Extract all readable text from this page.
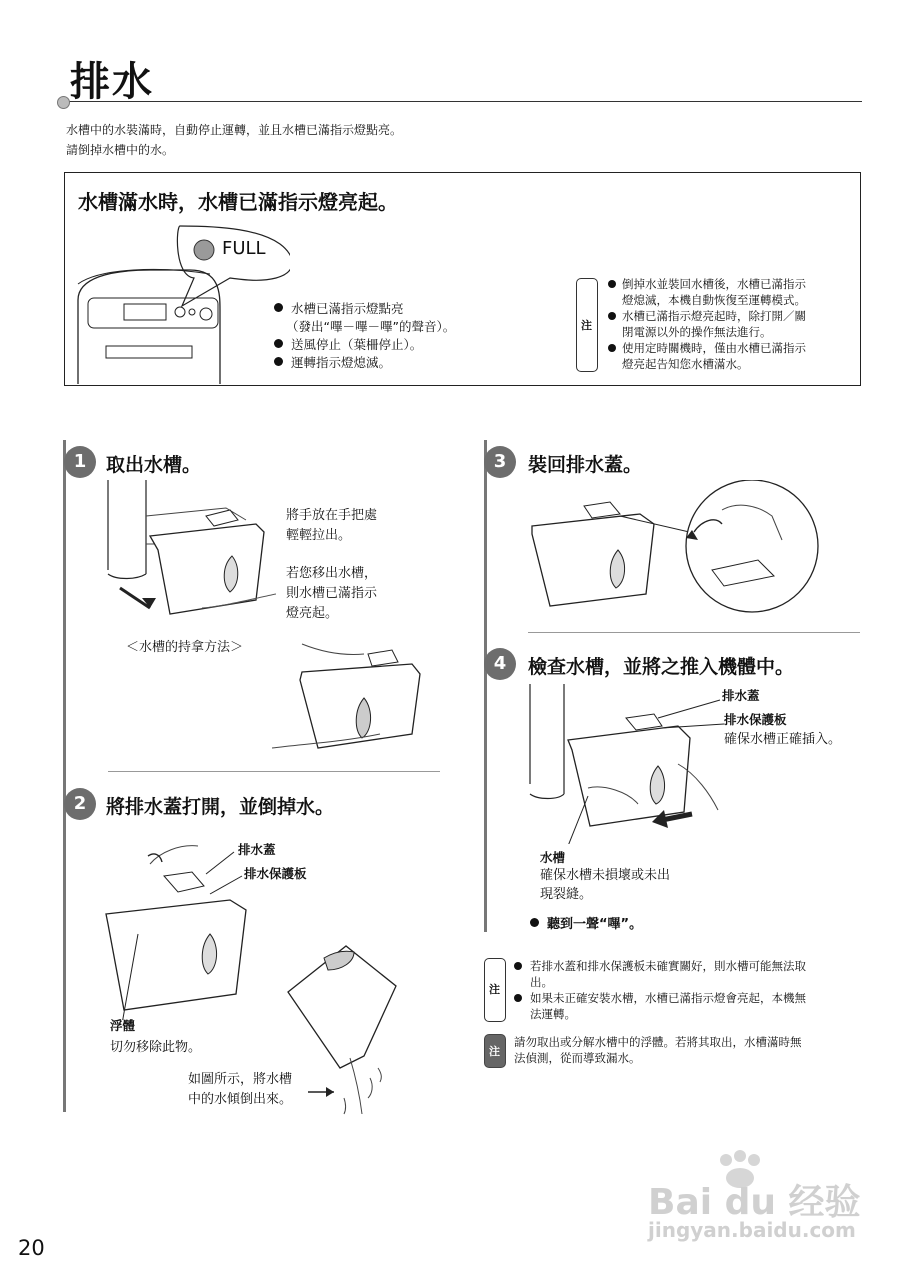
排水
水槽中的水裝滿時，自動停止運轉，並且水槽已滿指示燈點亮。
請倒掉水槽中的水。
水槽滿水時，水槽已滿指示燈亮起。
FULL
水槽已滿指示燈點亮
（發出“嗶－嗶－嗶”的聲音）。
送風停止（葉柵停止）。
運轉指示燈熄滅。
注
倒掉水並裝回水槽後，水槽已滿指示
燈熄滅，本機自動恢復至運轉模式。
水槽已滿指示燈亮起時，除打開／關
閉電源以外的操作無法進行。
使用定時關機時，僅由水槽已滿指示
燈亮起告知您水槽滿水。
1	取出水槽。
將手放在手把處
輕輕拉出。
若您移出水槽，
則水槽已滿指示
燈亮起。
＜水槽的持拿方法＞
2	將排水蓋打開，並倒掉水。
排水蓋
排水保護板
浮體
切勿移除此物。
如圖所示，將水槽
中的水傾倒出來。
3	裝回排水蓋。
4	檢查水槽，並將之推入機體中。
排水蓋
排水保護板
確保水槽正確插入。
水槽
確保水槽未損壞或未出
現裂縫。
聽到一聲“嗶”。
注
若排水蓋和排水保護板未確實關好，則水槽可能無法取
出。
如果未正確安裝水槽，水槽已滿指示燈會亮起，本機無
法運轉。
注
請勿取出或分解水槽中的浮體。若將其取出，水槽滿時無
法偵測，從而導致漏水。
Bai du 经验
jingyan.baidu.com
20
